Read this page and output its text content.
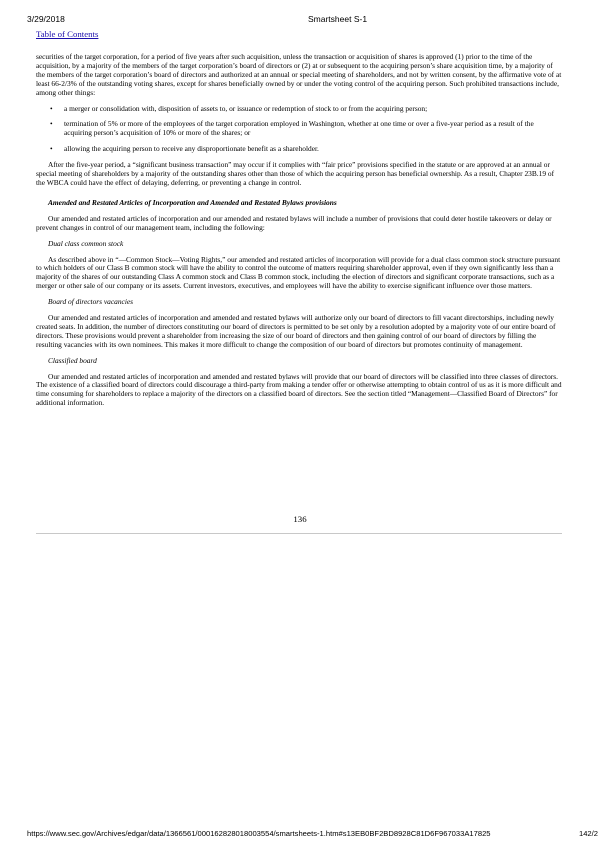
3/29/2018	Smartsheet S-1
Table of Contents

securities of the target corporation, for a period of five years after such acquisition, unless the transaction or acquisition of shares is approved (1) prior to the time of the acquisition, by a majority of the members of the target corporation’s board of directors or (2) at or subsequent to the acquiring person’s share acquisition time, by a majority of the members of the target corporation’s board of directors and authorized at an annual or special meeting of shareholders, and not by written consent, by the affirmative vote of at least 66-2/3% of the outstanding voting shares, except for shares beneficially owned by or under the voting control of the acquiring person. Such prohibited transactions include, among other things:

• a merger or consolidation with, disposition of assets to, or issuance or redemption of stock to or from the acquiring person;
• termination of 5% or more of the employees of the target corporation employed in Washington, whether at one time or over a five-year period as a result of the acquiring person’s acquisition of 10% or more of the shares; or
• allowing the acquiring person to receive any disproportionate benefit as a shareholder.

After the five-year period, a “significant business transaction” may occur if it complies with “fair price” provisions specified in the statute or are approved at an annual or special meeting of shareholders by a majority of the outstanding shares other than those of which the acquiring person has beneficial ownership. As a result, Chapter 23B.19 of the WBCA could have the effect of delaying, deferring, or preventing a change in control.

Amended and Restated Articles of Incorporation and Amended and Restated Bylaws provisions

Our amended and restated articles of incorporation and our amended and restated bylaws will include a number of provisions that could deter hostile takeovers or delay or prevent changes in control of our management team, including the following:

Dual class common stock

As described above in “—Common Stock—Voting Rights,” our amended and restated articles of incorporation will provide for a dual class common stock structure pursuant to which holders of our Class B common stock will have the ability to control the outcome of matters requiring shareholder approval, even if they own significantly less than a majority of the shares of our outstanding Class A common stock and Class B common stock, including the election of directors and significant corporate transactions, such as a merger or other sale of our company or its assets. Current investors, executives, and employees will have the ability to exercise significant influence over those matters.

Board of directors vacancies

Our amended and restated articles of incorporation and amended and restated bylaws will authorize only our board of directors to fill vacant directorships, including newly created seats. In addition, the number of directors constituting our board of directors is permitted to be set only by a resolution adopted by a majority vote of our entire board of directors. These provisions would prevent a shareholder from increasing the size of our board of directors and then gaining control of our board of directors by filling the resulting vacancies with its own nominees. This makes it more difficult to change the composition of our board of directors but promotes continuity of management.

Classified board

Our amended and restated articles of incorporation and amended and restated bylaws will provide that our board of directors will be classified into three classes of directors. The existence of a classified board of directors could discourage a third-party from making a tender offer or otherwise attempting to obtain control of us as it is more difficult and time consuming for shareholders to replace a majority of the directors on a classified board of directors. See the section titled “Management—Classified Board of Directors” for additional information.

136
https://www.sec.gov/Archives/edgar/data/1366561/000162828018003554/smartsheets-1.htm#s13EB0BF2BD8928C81D6F967033A17825	142/2
